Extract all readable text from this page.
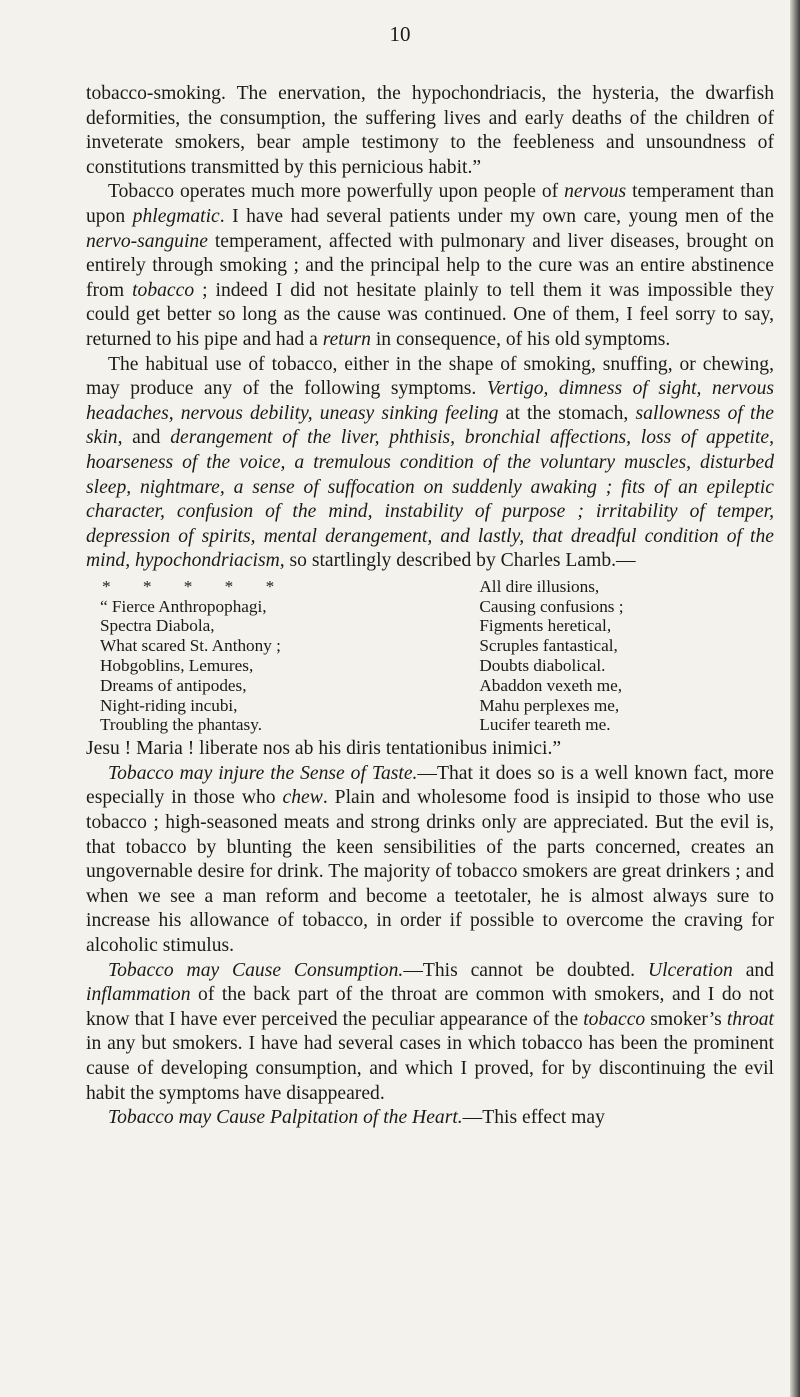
10

tobacco-smoking. The enervation, the hypochondriacis, the hysteria, the dwarfish deformities, the consumption, the suffering lives and early deaths of the children of inveterate smokers, bear ample testimony to the feebleness and unsoundness of constitutions transmitted by this pernicious habit.”

Tobacco operates much more powerfully upon people of nervous temperament than upon phlegmatic. I have had several patients under my own care, young men of the nervo-sanguine temperament, affected with pulmonary and liver diseases, brought on entirely through smoking ; and the principal help to the cure was an entire abstinence from tobacco ; indeed I did not hesitate plainly to tell them it was impossible they could get better so long as the cause was continued. One of them, I feel sorry to say, returned to his pipe and had a return in consequence, of his old symptoms.

The habitual use of tobacco, either in the shape of smoking, snuffing, or chewing, may produce any of the following symptoms. Vertigo, dimness of sight, nervous headaches, nervous debility, uneasy sinking feeling at the stomach, sallowness of the skin, and derangement of the liver, phthisis, bronchial affections, loss of appetite, hoarseness of the voice, a tremulous condition of the voluntary muscles, disturbed sleep, nightmare, a sense of suffocation on suddenly awaking ; fits of an epileptic character, confusion of the mind, instability of purpose ; irritability of temper, depression of spirits, mental derangement, and lastly, that dreadful condition of the mind, hypochondriacism, so startlingly described by Charles Lamb.—

* * * * *
“ Fierce Anthropophagi,
Spectra Diabola,
What scared St. Anthony ;
Hobgoblins, Lemures,
Dreams of antipodes,
Night-riding incubi,
Troubling the phantasy.
All dire illusions,
Causing confusions ;
Figments heretical,
Scruples fantastical,
Doubts diabolical.
Abaddon vexeth me,
Mahu perplexes me,
Lucifer teareth me.

Jesu ! Maria ! liberate nos ab his diris tentationibus inimici.”

Tobacco may injure the Sense of Taste.—That it does so is a well known fact, more especially in those who chew. Plain and wholesome food is insipid to those who use tobacco ; high-seasoned meats and strong drinks only are appreciated. But the evil is, that tobacco by blunting the keen sensibilities of the parts concerned, creates an ungovernable desire for drink. The majority of tobacco smokers are great drinkers ; and when we see a man reform and become a teetotaler, he is almost always sure to increase his allowance of tobacco, in order if possible to overcome the craving for alcoholic stimulus.

Tobacco may Cause Consumption.—This cannot be doubted. Ulceration and inflammation of the back part of the throat are common with smokers, and I do not know that I have ever perceived the peculiar appearance of the tobacco smoker’s throat in any but smokers. I have had several cases in which tobacco has been the prominent cause of developing consumption, and which I proved, for by discontinuing the evil habit the symptoms have disappeared.

Tobacco may Cause Palpitation of the Heart.—This effect may
